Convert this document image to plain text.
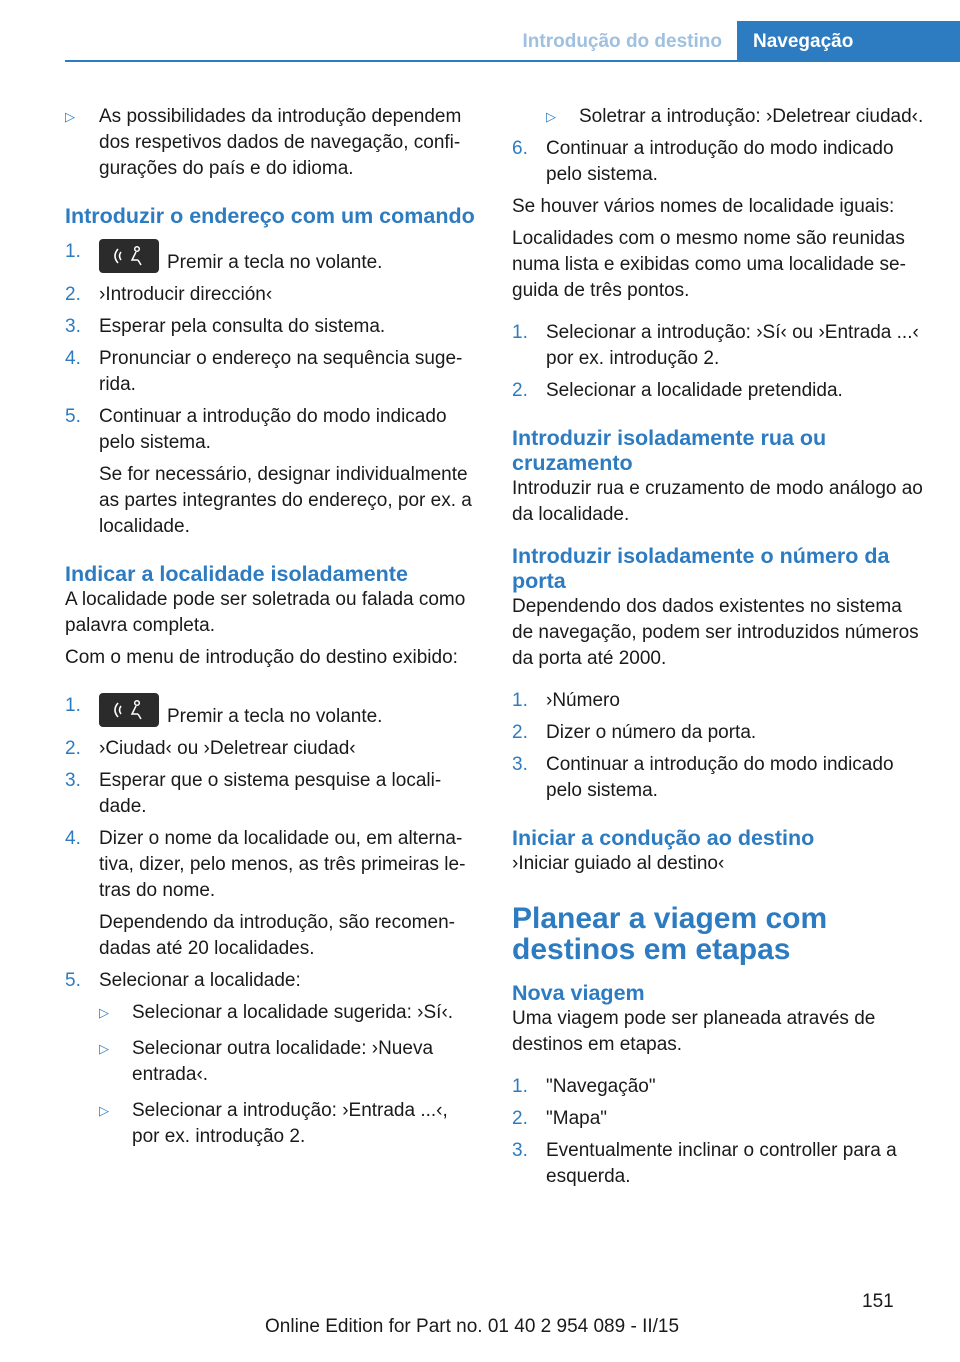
Introdução do destino	Navegação
▷	As possibilidades da introdução dependem dos respetivos dados de navegação, configurações do país e do idioma.
Introduzir o endereço com um comando
1.
Premir a tecla no volante.
2. ›Introducir dirección‹
3. Esperar pela consulta do sistema.
4. Pronunciar o endereço na sequência sugerida.
5. Continuar a introdução do modo indicado pelo sistema.
Se for necessário, designar individualmente as partes integrantes do endereço, por ex. a localidade.
Indicar a localidade isoladamente
A localidade pode ser soletrada ou falada como palavra completa.
Com o menu de introdução do destino exibido:
1.
Premir a tecla no volante.
2. ›Ciudad‹ ou ›Deletrear ciudad‹
3. Esperar que o sistema pesquise a localidade.
4. Dizer o nome da localidade ou, em alternativa, dizer, pelo menos, as três primeiras letras do nome.
Dependendo da introdução, são recomendadas até 20 localidades.
5. Selecionar a localidade:
▷	Selecionar a localidade sugerida: ›Sí‹.
▷	Selecionar outra localidade: ›Nueva entrada‹.
▷	Selecionar a introdução: ›Entrada ...‹, por ex. introdução 2.
▷	Soletrar a introdução: ›Deletrear ciudad‹.
6. Continuar a introdução do modo indicado pelo sistema.
Se houver vários nomes de localidade iguais:
Localidades com o mesmo nome são reunidas numa lista e exibidas como uma localidade seguida de três pontos.
1. Selecionar a introdução: ›Sí‹ ou ›Entrada ...‹ por ex. introdução 2.
2. Selecionar a localidade pretendida.
Introduzir isoladamente rua ou cruzamento
Introduzir rua e cruzamento de modo análogo ao da localidade.
Introduzir isoladamente o número da porta
Dependendo dos dados existentes no sistema de navegação, podem ser introduzidos números da porta até 2000.
1. ›Número
2. Dizer o número da porta.
3. Continuar a introdução do modo indicado pelo sistema.
Iniciar a condução ao destino
›Iniciar guiado al destino‹
Planear a viagem com destinos em etapas
Nova viagem
Uma viagem pode ser planeada através de destinos em etapas.
1. "Navegação"
2. "Mapa"
3. Eventualmente inclinar o controller para a esquerda.
151
Online Edition for Part no. 01 40 2 954 089 - II/15
